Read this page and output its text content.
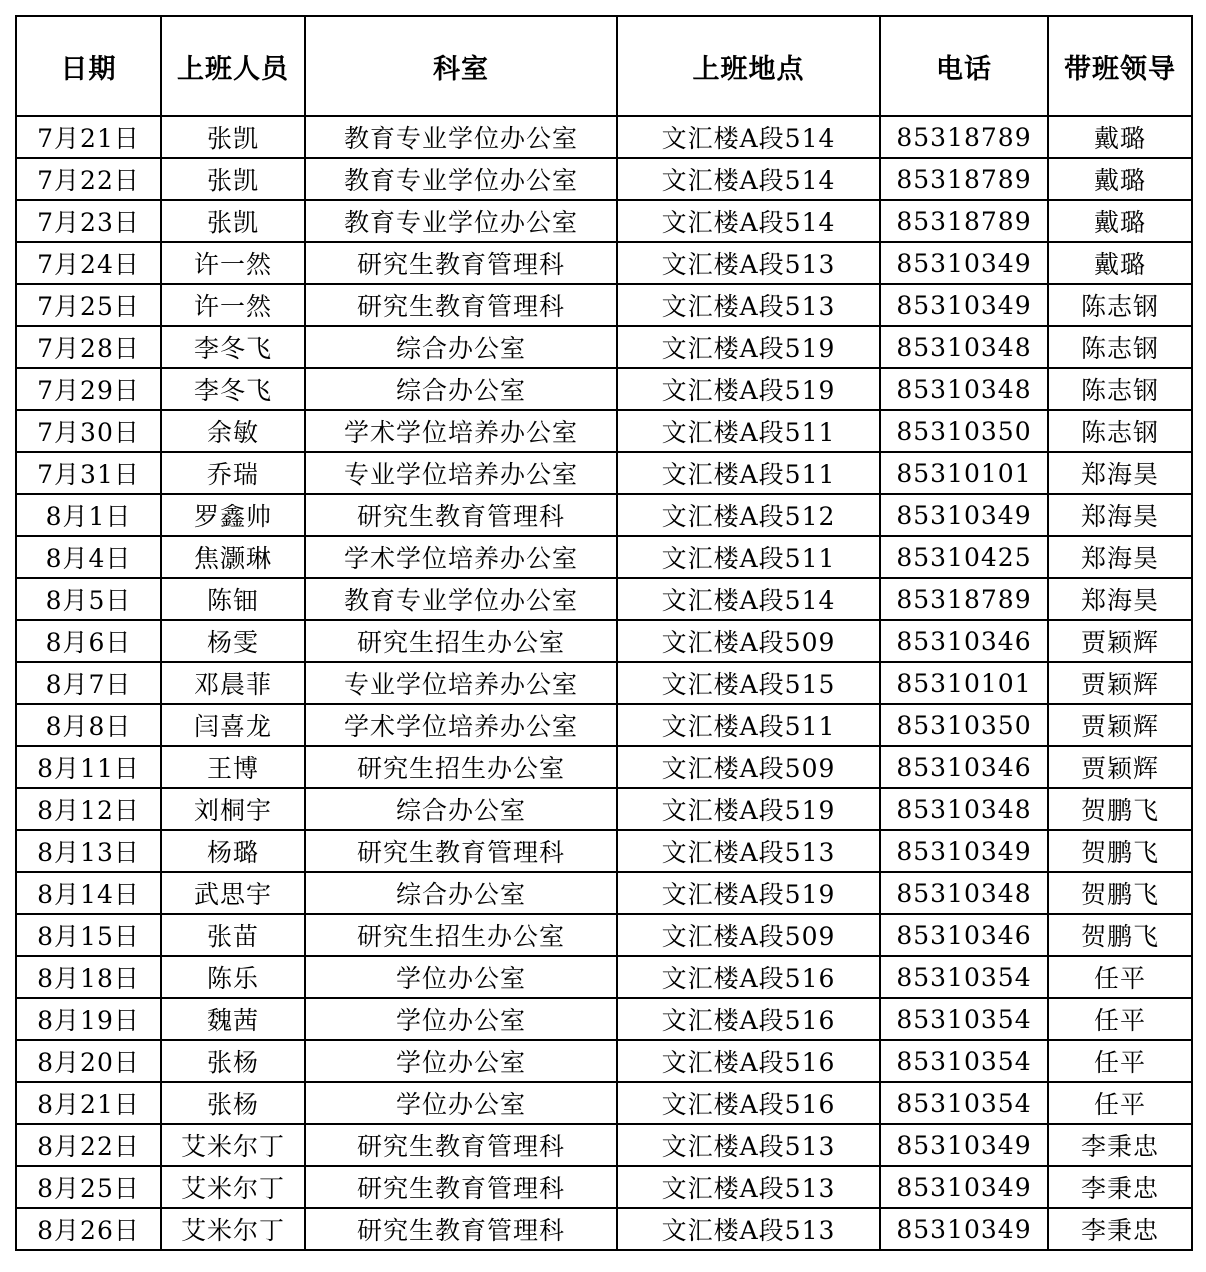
日期	上班人员	科室	上班地点	电话	带班领导
7月21日	张凯	教育专业学位办公室	文汇楼A段514	85318789	戴璐
7月22日	张凯	教育专业学位办公室	文汇楼A段514	85318789	戴璐
7月23日	张凯	教育专业学位办公室	文汇楼A段514	85318789	戴璐
7月24日	许一然	研究生教育管理科	文汇楼A段513	85310349	戴璐
7月25日	许一然	研究生教育管理科	文汇楼A段513	85310349	陈志钢
7月28日	李冬飞	综合办公室	文汇楼A段519	85310348	陈志钢
7月29日	李冬飞	综合办公室	文汇楼A段519	85310348	陈志钢
7月30日	余敏	学术学位培养办公室	文汇楼A段511	85310350	陈志钢
7月31日	乔瑞	专业学位培养办公室	文汇楼A段511	85310101	郑海昊
8月1日	罗鑫帅	研究生教育管理科	文汇楼A段512	85310349	郑海昊
8月4日	焦灏琳	学术学位培养办公室	文汇楼A段511	85310425	郑海昊
8月5日	陈钿	教育专业学位办公室	文汇楼A段514	85318789	郑海昊
8月6日	杨雯	研究生招生办公室	文汇楼A段509	85310346	贾颖辉
8月7日	邓晨菲	专业学位培养办公室	文汇楼A段515	85310101	贾颖辉
8月8日	闫喜龙	学术学位培养办公室	文汇楼A段511	85310350	贾颖辉
8月11日	王博	研究生招生办公室	文汇楼A段509	85310346	贾颖辉
8月12日	刘桐宇	综合办公室	文汇楼A段519	85310348	贺鹏飞
8月13日	杨璐	研究生教育管理科	文汇楼A段513	85310349	贺鹏飞
8月14日	武思宇	综合办公室	文汇楼A段519	85310348	贺鹏飞
8月15日	张苗	研究生招生办公室	文汇楼A段509	85310346	贺鹏飞
8月18日	陈乐	学位办公室	文汇楼A段516	85310354	任平
8月19日	魏茜	学位办公室	文汇楼A段516	85310354	任平
8月20日	张杨	学位办公室	文汇楼A段516	85310354	任平
8月21日	张杨	学位办公室	文汇楼A段516	85310354	任平
8月22日	艾米尔丁	研究生教育管理科	文汇楼A段513	85310349	李秉忠
8月25日	艾米尔丁	研究生教育管理科	文汇楼A段513	85310349	李秉忠
8月26日	艾米尔丁	研究生教育管理科	文汇楼A段513	85310349	李秉忠
